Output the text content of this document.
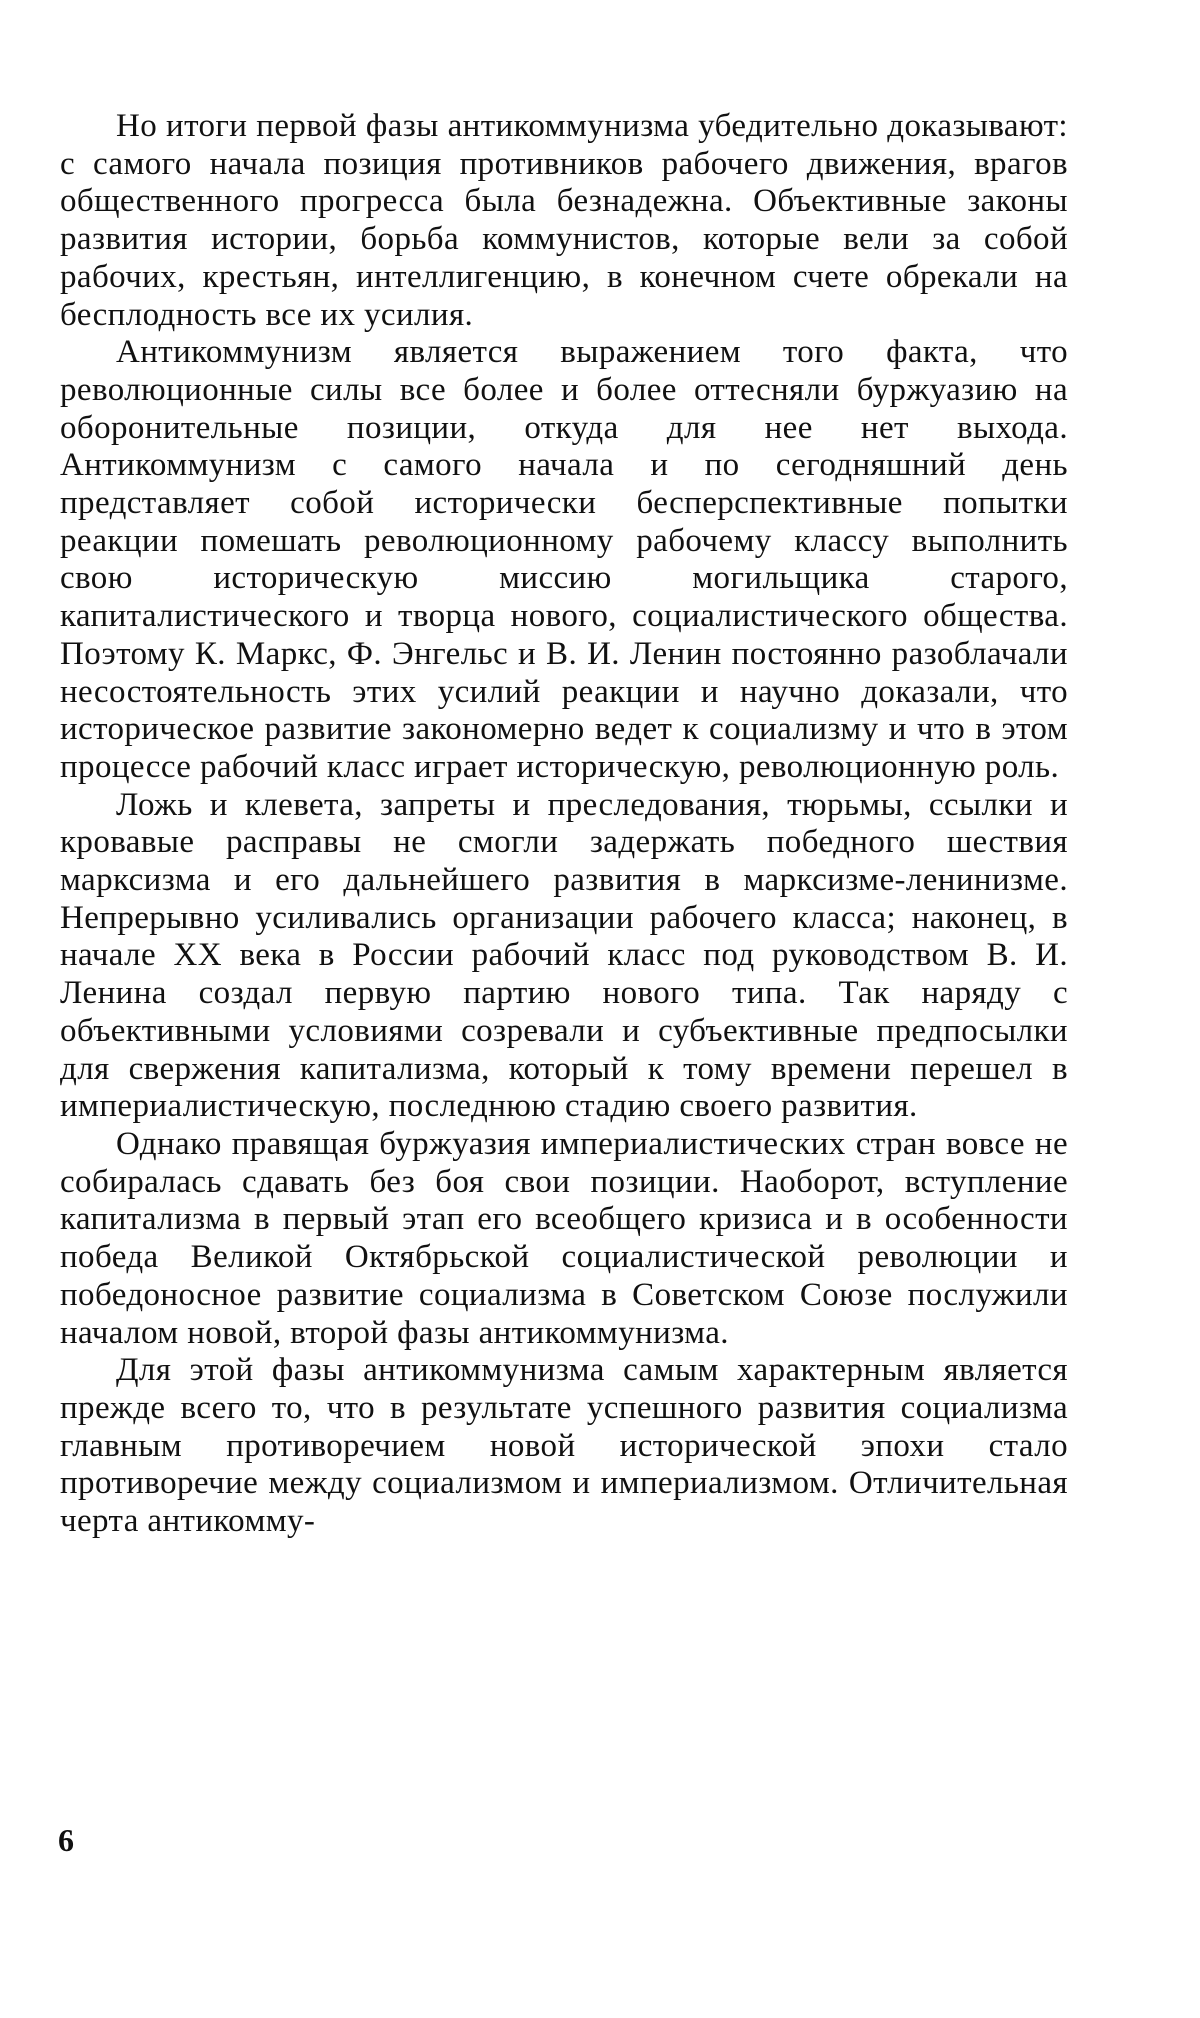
Но итоги первой фазы антикоммунизма убедительно доказывают: с самого начала позиция противников рабочего движения, врагов общественного прогресса была безнадежна. Объективные законы развития истории, борьба коммунистов, которые вели за собой рабочих, крестьян, интеллигенцию, в конечном счете обрекали на бесплодность все их усилия.

Антикоммунизм является выражением того факта, что революционные силы все более и более оттесняли буржуазию на оборонительные позиции, откуда для нее нет выхода. Антикоммунизм с самого начала и по сегодняшний день представляет собой исторически бесперспективные попытки реакции помешать революционному рабочему классу выполнить свою историческую миссию могильщика старого, капиталистического и творца нового, социалистического общества. Поэтому К. Маркс, Ф. Энгельс и В. И. Ленин постоянно разоблачали несостоятельность этих усилий реакции и научно доказали, что историческое развитие закономерно ведет к социализму и что в этом процессе рабочий класс играет историческую, революционную роль.

Ложь и клевета, запреты и преследования, тюрьмы, ссылки и кровавые расправы не смогли задержать победного шествия марксизма и его дальнейшего развития в марксизме-ленинизме. Непрерывно усиливались организации рабочего класса; наконец, в начале XX века в России рабочий класс под руководством В. И. Ленина создал первую партию нового типа. Так наряду с объективными условиями созревали и субъективные предпосылки для свержения капитализма, который к тому времени перешел в империалистическую, последнюю стадию своего развития.

Однако правящая буржуазия империалистических стран вовсе не собиралась сдавать без боя свои позиции. Наоборот, вступление капитализма в первый этап его всеобщего кризиса и в особенности победа Великой Октябрьской социалистической революции и победоносное развитие социализма в Советском Союзе послужили началом новой, второй фазы антикоммунизма.

Для этой фазы антикоммунизма самым характерным является прежде всего то, что в результате успешного развития социализма главным противоречием новой исторической эпохи стало противоречие между социализмом и империализмом. Отличительная черта антикомму-

6
